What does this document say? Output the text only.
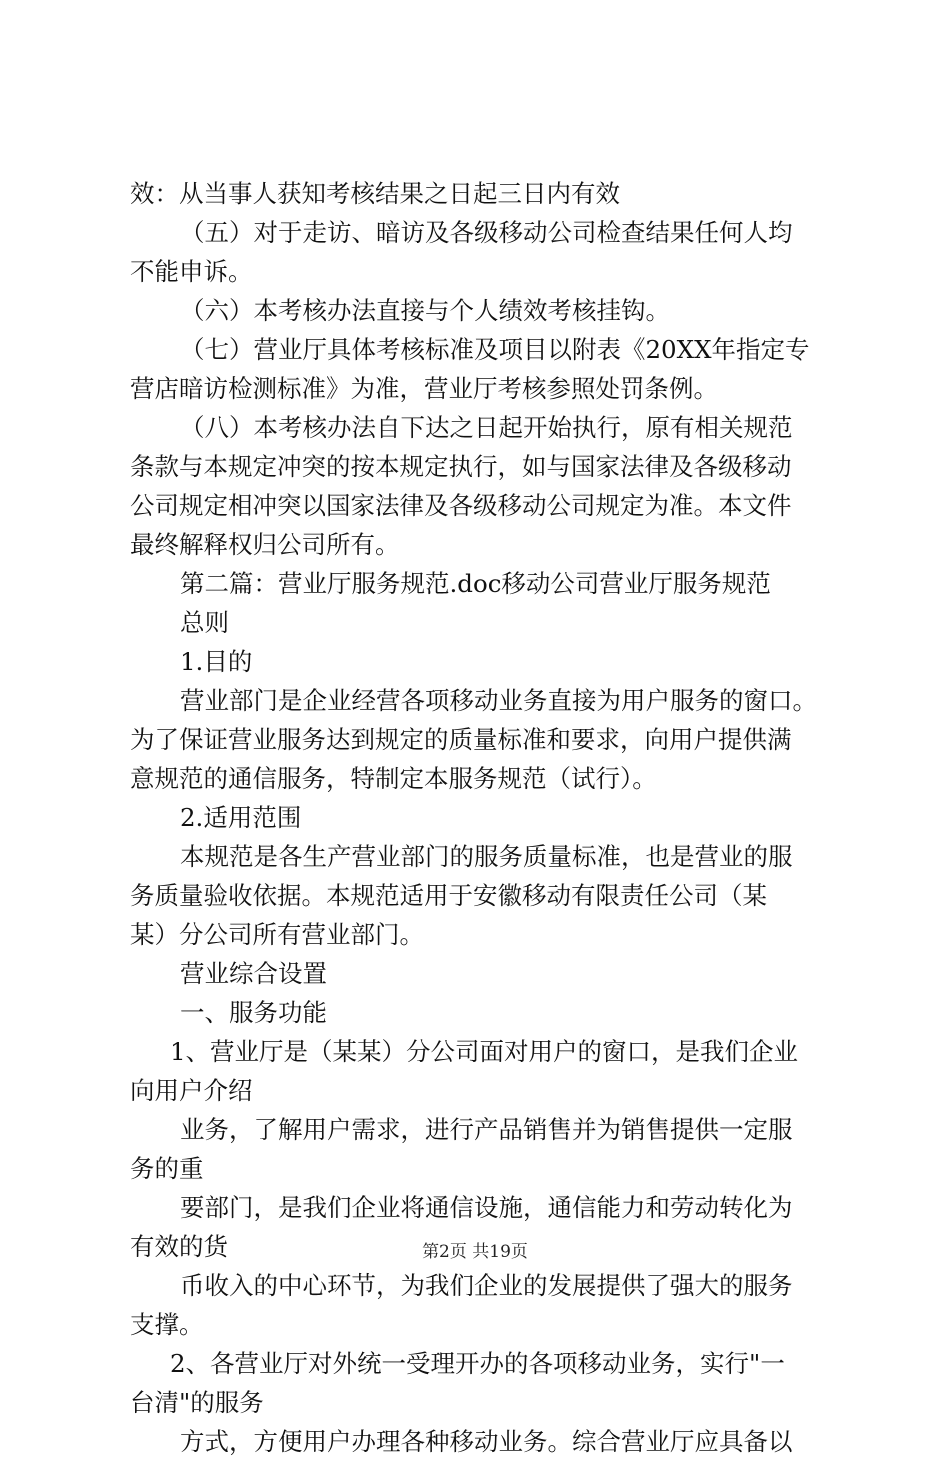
效：从当事人获知考核结果之日起三日内有效
（五）对于走访、暗访及各级移动公司检查结果任何人均
不能申诉。
（六）本考核办法直接与个人绩效考核挂钩。
（七）营业厅具体考核标准及项目以附表《20XX年指定专
营店暗访检测标准》为准，营业厅考核参照处罚条例。
（八）本考核办法自下达之日起开始执行，原有相关规范
条款与本规定冲突的按本规定执行，如与国家法律及各级移动
公司规定相冲突以国家法律及各级移动公司规定为准。本文件
最终解释权归公司所有。
第二篇：营业厅服务规范.doc移动公司营业厅服务规范
总则
1.目的
营业部门是企业经营各项移动业务直接为用户服务的窗口。
为了保证营业服务达到规定的质量标准和要求，向用户提供满
意规范的通信服务，特制定本服务规范（试行）。
2.适用范围
本规范是各生产营业部门的服务质量标准，也是营业的服
务质量验收依据。本规范适用于安徽移动有限责任公司（某
某）分公司所有营业部门。
营业综合设置
一、服务功能
1、营业厅是（某某）分公司面对用户的窗口，是我们企业
向用户介绍
业务，了解用户需求，进行产品销售并为销售提供一定服
务的重
要部门，是我们企业将通信设施，通信能力和劳动转化为
有效的货
币收入的中心环节，为我们企业的发展提供了强大的服务
支撑。
2、各营业厅对外统一受理开办的各项移动业务，实行"一
台清"的服务
方式，方便用户办理各种移动业务。综合营业厅应具备以
第2页 共19页
